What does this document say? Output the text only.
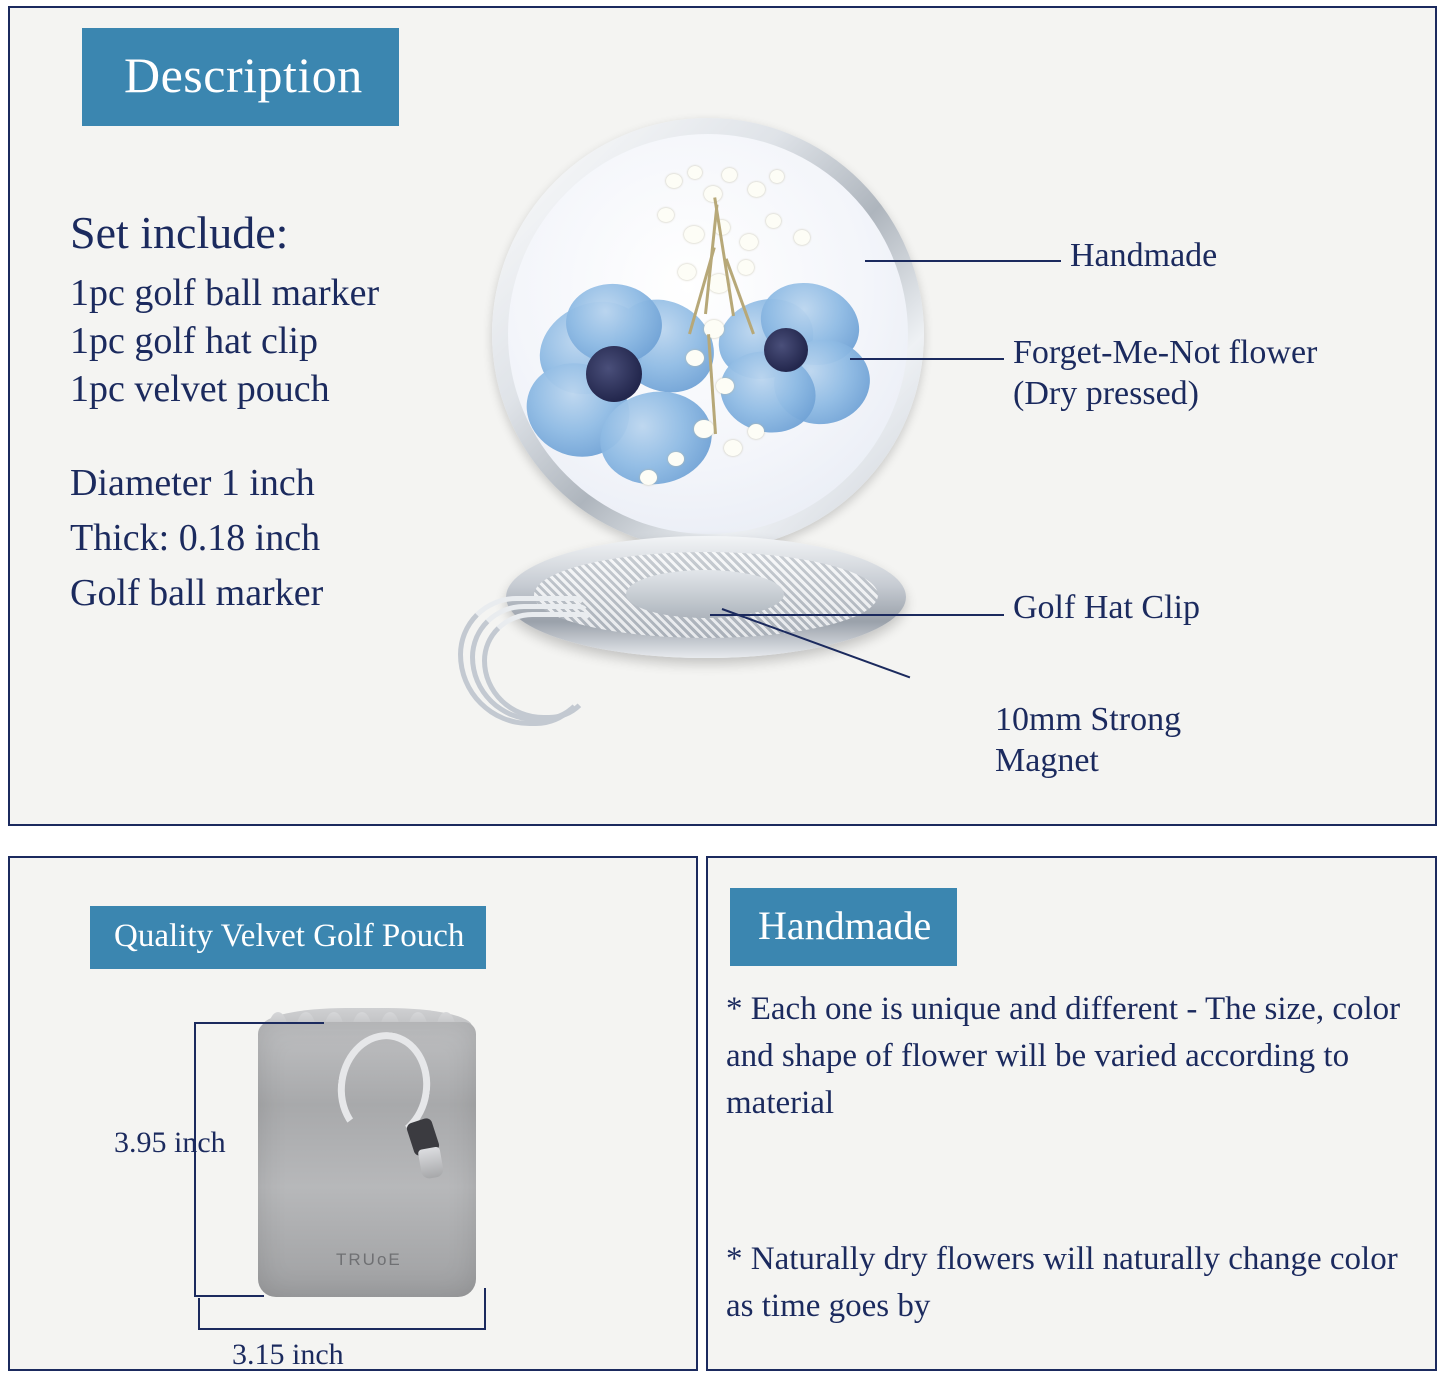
Description
Set include:
1pc golf ball marker
1pc golf hat clip
1pc velvet pouch
Diameter 1 inch
Thick: 0.18 inch
Golf ball marker
Handmade
Forget-Me-Not flower
(Dry pressed)
Golf Hat Clip
10mm Strong
Magnet
Quality Velvet Golf Pouch
TRUoE
3.95 inch
3.15 inch
Handmade
* Each one is unique and different - The size, color and shape of flower will be varied according to material
* Naturally dry flowers will naturally change color as time goes by
